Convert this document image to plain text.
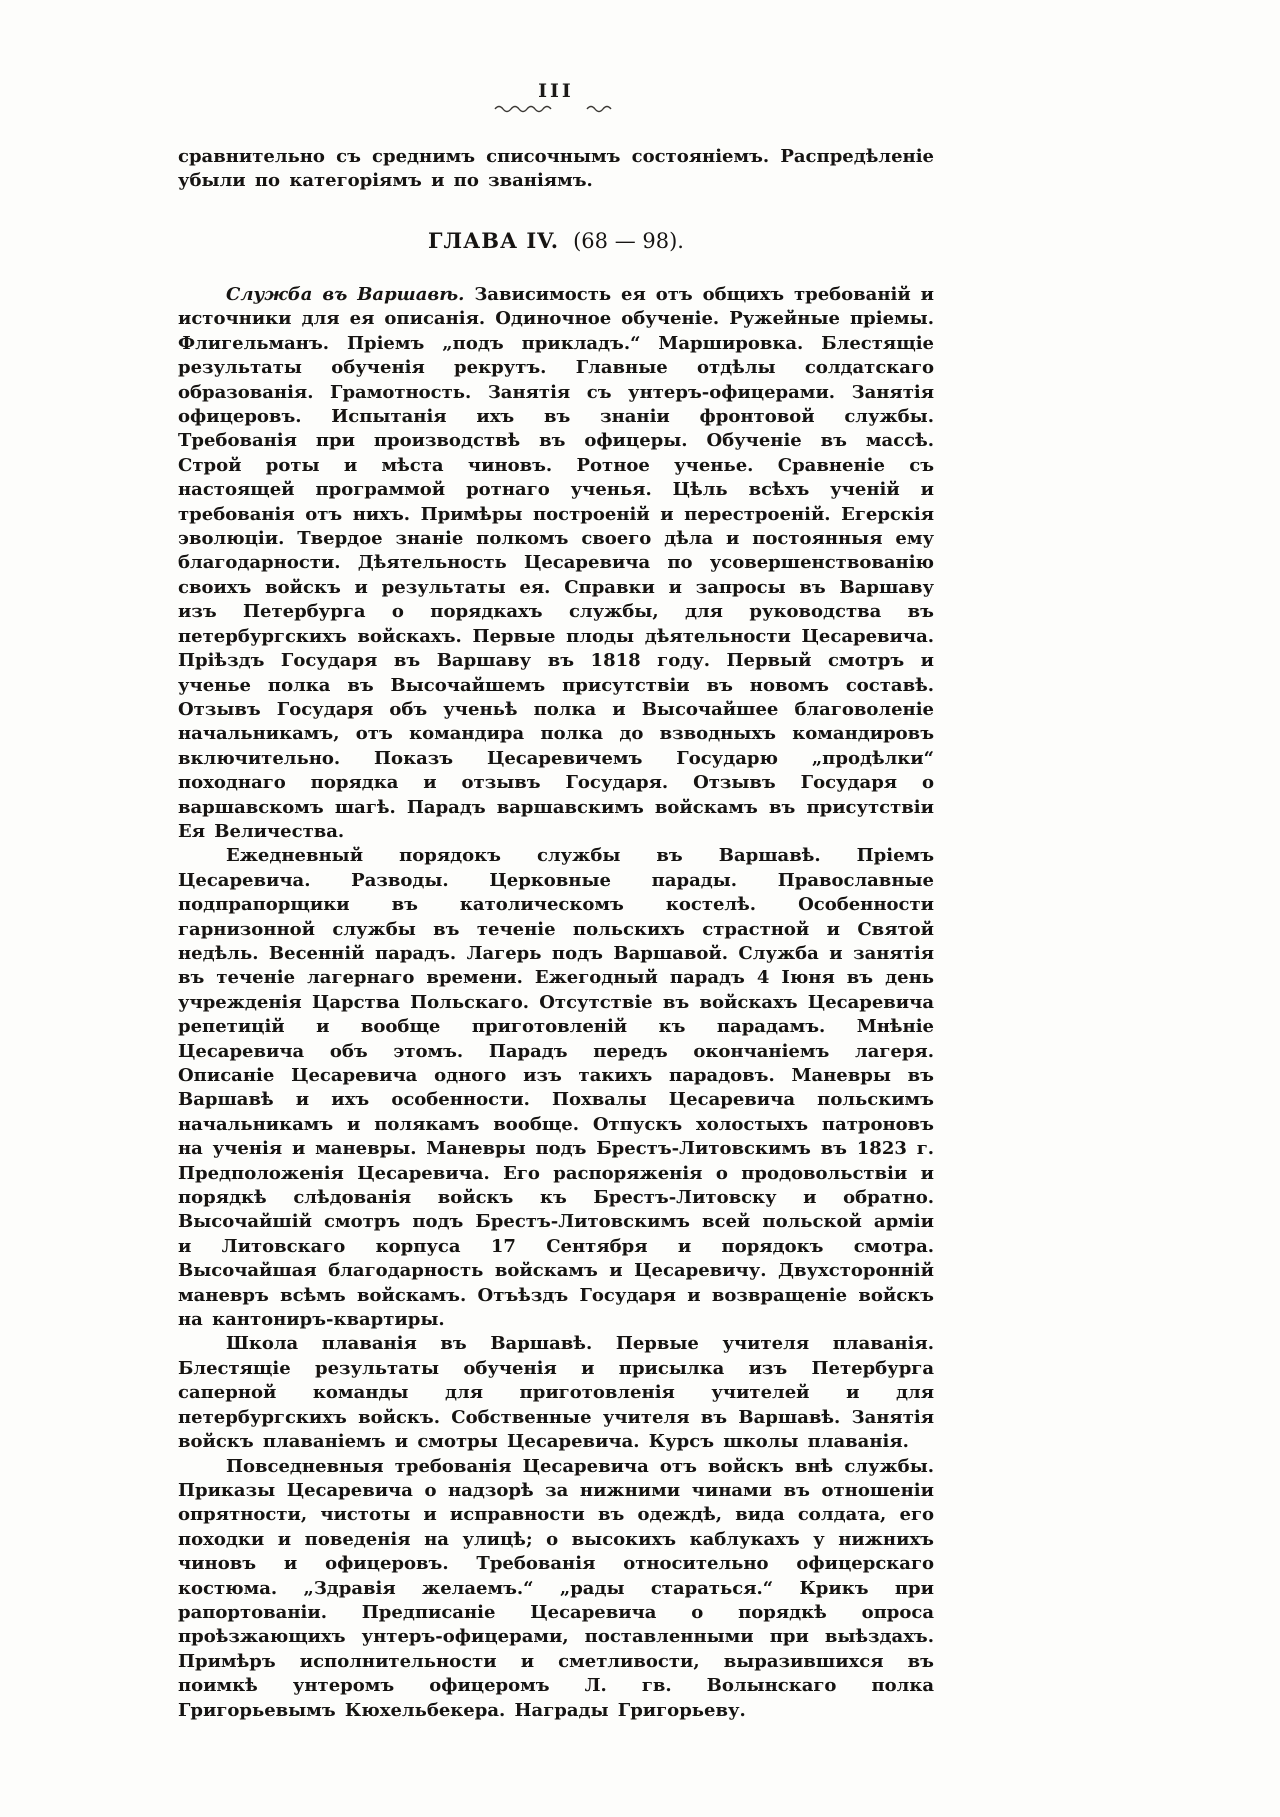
III

сравнительно съ среднимъ списочнымъ состояніемъ. Распредѣленіе убыли по категоріямъ и по званіямъ.

ГЛАВА IV. (68 — 98).

Служба въ Варшавѣ. Зависимость ея отъ общихъ требованій и источники для ея описанія. Одиночное обученіе. Ружейные пріемы. Флигельманъ. Пріемъ „подъ прикладъ.“ Маршировка. Блестящіе результаты обученія рекрутъ. Главные отдѣлы солдатскаго образованія. Грамотность. Занятія съ унтеръ-офицерами. Занятія офицеровъ. Испытанія ихъ въ знаніи фронтовой службы. Требованія при производствѣ въ офицеры. Обученіе въ массѣ. Строй роты и мѣста чиновъ. Ротное ученье. Сравненіе съ настоящей программой ротнаго ученья. Цѣль всѣхъ ученій и требованія отъ нихъ. Примѣры построеній и перестроеній. Егерскія эволюціи. Твердое знаніе полкомъ своего дѣла и постоянныя ему благодарности. Дѣятельность Цесаревича по усовершенствованію своихъ войскъ и результаты ея. Справки и запросы въ Варшаву изъ Петербурга о порядкахъ службы, для руководства въ петербургскихъ войскахъ. Первые плоды дѣятельности Цесаревича. Пріѣздъ Государя въ Варшаву въ 1818 году. Первый смотръ и ученье полка въ Высочайшемъ присутствіи въ новомъ составѣ. Отзывъ Государя объ ученьѣ полка и Высочайшее благоволеніе начальникамъ, отъ командира полка до взводныхъ командировъ включительно. Показъ Цесаревичемъ Государю „продѣлки“ походнаго порядка и отзывъ Государя. Отзывъ Государя о варшавскомъ шагѣ. Парадъ варшавскимъ войскамъ въ присутствіи Ея Величества.

Ежедневный порядокъ службы въ Варшавѣ. Пріемъ Цесаревича. Разводы. Церковные парады. Православные подпрапорщики въ католическомъ костелѣ. Особенности гарнизонной службы въ теченіе польскихъ страстной и Святой недѣль. Весенній парадъ. Лагерь подъ Варшавой. Служба и занятія въ теченіе лагернаго времени. Ежегодный парадъ 4 Іюня въ день учрежденія Царства Польскаго. Отсутствіе въ войскахъ Цесаревича репетицій и вообще приготовленій къ парадамъ. Мнѣніе Цесаревича объ этомъ. Парадъ передъ окончаніемъ лагеря. Описаніе Цесаревича одного изъ такихъ парадовъ. Маневры въ Варшавѣ и ихъ особенности. Похвалы Цесаревича польскимъ начальникамъ и полякамъ вообще. Отпускъ холостыхъ патроновъ на ученія и маневры. Маневры подъ Брестъ-Литовскимъ въ 1823 г. Предположенія Цесаревича. Его распоряженія о продовольствіи и порядкѣ слѣдованія войскъ къ Брестъ-Литовску и обратно. Высочайшій смотръ подъ Брестъ-Литовскимъ всей польской арміи и Литовскаго корпуса 17 Сентября и порядокъ смотра. Высочайшая благодарность войскамъ и Цесаревичу. Двухсторонній маневръ всѣмъ войскамъ. Отъѣздъ Государя и возвращеніе войскъ на кантониръ-квартиры.

Школа плаванія въ Варшавѣ. Первые учителя плаванія. Блестящіе результаты обученія и присылка изъ Петербурга саперной команды для приготовленія учителей и для петербургскихъ войскъ. Собственные учителя въ Варшавѣ. Занятія войскъ плаваніемъ и смотры Цесаревича. Курсъ школы плаванія.

Повседневныя требованія Цесаревича отъ войскъ внѣ службы. Приказы Цесаревича о надзорѣ за нижними чинами въ отношеніи опрятности, чистоты и исправности въ одеждѣ, вида солдата, его походки и поведенія на улицѣ; о высокихъ каблукахъ у нижнихъ чиновъ и офицеровъ. Требованія относительно офицерскаго костюма. „Здравія желаемъ.“ „рады стараться.“ Крикъ при рапортованіи. Предписаніе Цесаревича о порядкѣ опроса проѣзжающихъ унтеръ-офицерами, поставленными при выѣздахъ. Примѣръ исполнительности и сметливости, выразившихся въ поимкѣ унтеромъ офицеромъ Л. гв. Волынскаго полка Григорьевымъ Кюхельбекера. Награды Григорьеву.
